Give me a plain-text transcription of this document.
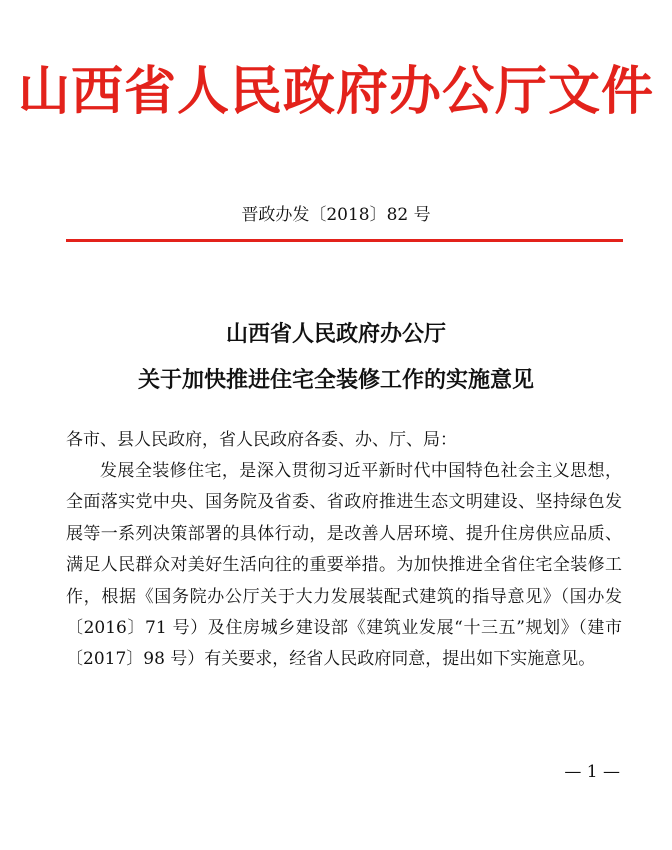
山西省人民政府办公厅文件
晋政办发〔2018〕82 号
山西省人民政府办公厅
关于加快推进住宅全装修工作的实施意见
各市、县人民政府，省人民政府各委、办、厅、局：
发展全装修住宅，是深入贯彻习近平新时代中国特色社会主义思想，全面落实党中央、国务院及省委、省政府推进生态文明建设、坚持绿色发展等一系列决策部署的具体行动，是改善人居环境、提升住房供应品质、满足人民群众对美好生活向往的重要举措。为加快推进全省住宅全装修工作，根据《国务院办公厅关于大力发展装配式建筑的指导意见》（国办发〔2016〕71 号）及住房城乡建设部《建筑业发展“十三五”规划》（建市〔2017〕98 号）有关要求，经省人民政府同意，提出如下实施意见。
— 1 —
